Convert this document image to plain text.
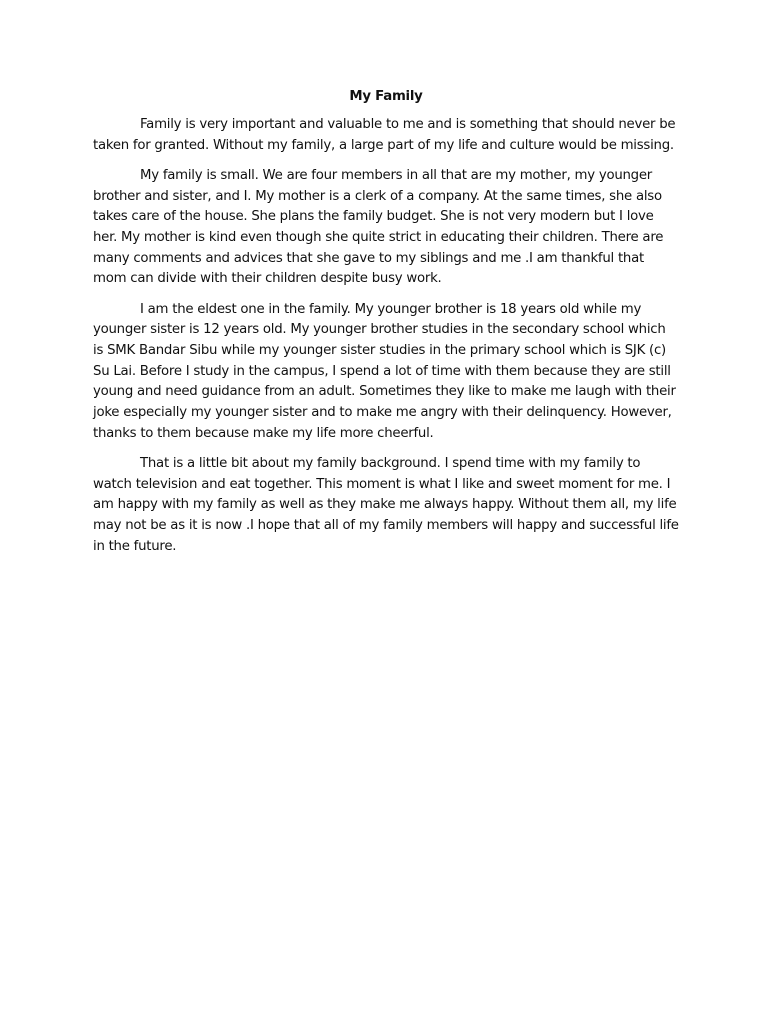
My Family

Family is very important and valuable to me and is something that should never be taken for granted. Without my family, a large part of my life and culture would be missing.

My family is small. We are four members in all that are my mother, my younger brother and sister, and I. My mother is a clerk of a company. At the same times, she also takes care of the house. She plans the family budget. She is not very modern but I love her. My mother is kind even though she quite strict in educating their children. There are many comments and advices that she gave to my siblings and me .I am thankful that mom can divide with their children despite busy work.

I am the eldest one in the family. My younger brother is 18 years old while my younger sister is 12 years old. My younger brother studies in the secondary school which is SMK Bandar Sibu while my younger sister studies in the primary school which is SJK (c) Su Lai. Before I study in the campus, I spend a lot of time with them because they are still young and need guidance from an adult. Sometimes they like to make me laugh with their joke especially my younger sister and to make me angry with their delinquency. However, thanks to them because make my life more cheerful.

That is a little bit about my family background. I spend time with my family to watch television and eat together. This moment is what I like and sweet moment for me. I am happy with my family as well as they make me always happy. Without them all, my life may not be as it is now .I hope that all of my family members will happy and successful life in the future.
